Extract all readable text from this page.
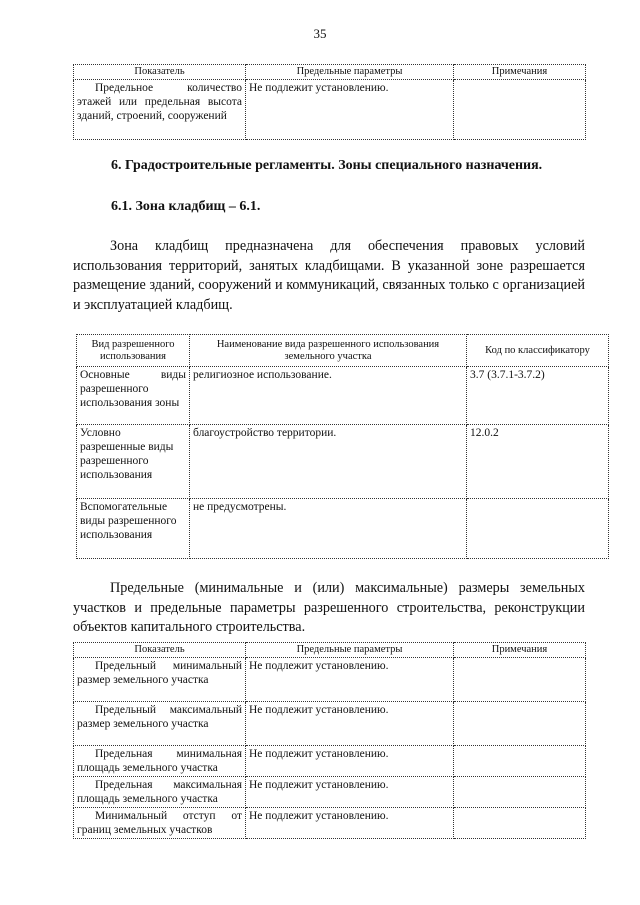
35
Показатель	Предельные параметры	Примечания
Предельное количество этажей или предельная высота зданий, строений, сооружений	Не подлежит установлению.	
6. Градостроительные регламенты. Зоны специального назначения.
6.1. Зона кладбищ – 6.1.
Зона кладбищ предназначена для обеспечения правовых условий использования территорий, занятых кладбищами. В указанной зоне разрешается размещение зданий, сооружений и коммуникаций, связанных только с организацией и эксплуатацией кладбищ.
Вид разрешенного использования	Наименование вида разрешенного использования земельного участка	Код по классификатору
Основные виды разрешенного использования зоны	религиозное использование.	3.7 (3.7.1-3.7.2)
Условно разрешенные виды разрешенного использования	благоустройство территории.	12.0.2
Вспомогательные виды разрешенного использования	не предусмотрены.	
Предельные (минимальные и (или) максимальные) размеры земельных участков и предельные параметры разрешенного строительства, реконструкции объектов капитального строительства.
Показатель	Предельные параметры	Примечания
Предельный минимальный размер земельного участка	Не подлежит установлению.	
Предельный максимальный размер земельного участка	Не подлежит установлению.	
Предельная минимальная площадь земельного участка	Не подлежит установлению.	
Предельная максимальная площадь земельного участка	Не подлежит установлению.	
Минимальный отступ от границ земельных участков	Не подлежит установлению.	
